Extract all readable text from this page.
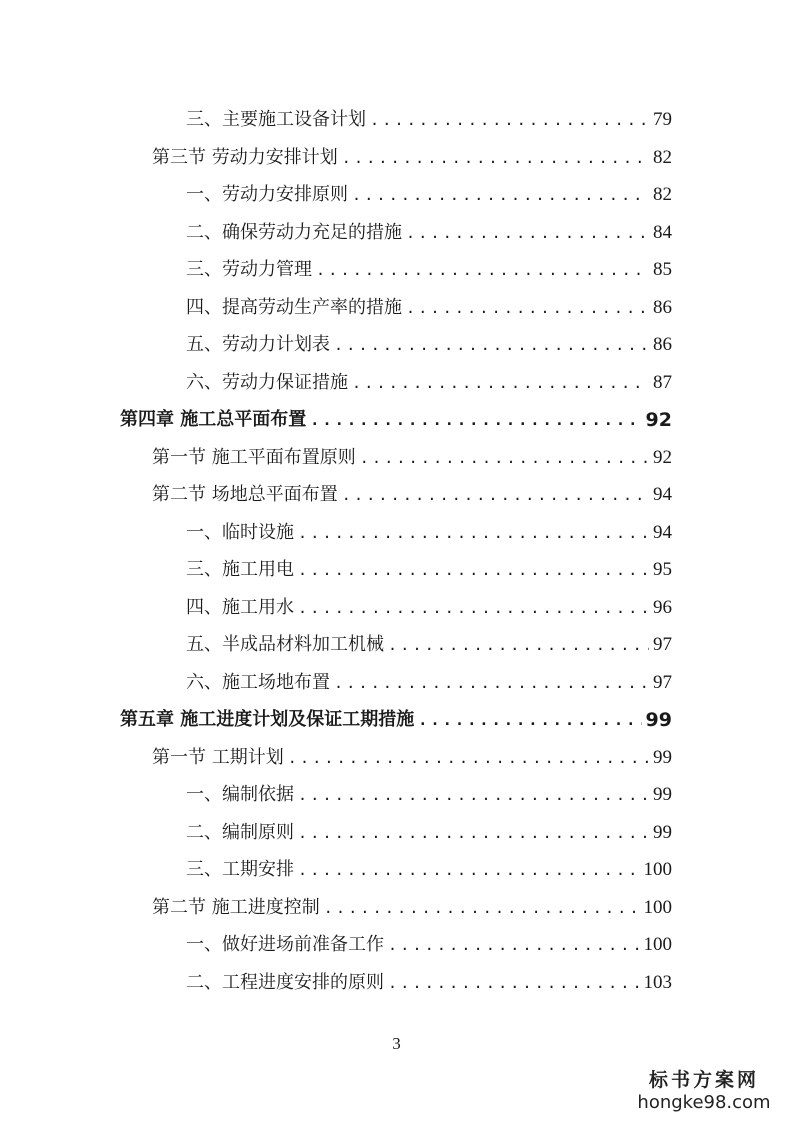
三、主要施工设备计划 .....	79
第三节 劳动力安排计划 .....	82
一、劳动力安排原则 .....	82
二、确保劳动力充足的措施 .....	84
三、劳动力管理 .....	85
四、提高劳动生产率的措施 .....	86
五、劳动力计划表 .....	86
六、劳动力保证措施 .....	87
第四章 施工总平面布置 .....	92
第一节 施工平面布置原则 .....	92
第二节 场地总平面布置 .....	94
一、临时设施 .....	94
三、施工用电 .....	95
四、施工用水 .....	96
五、半成品材料加工机械 .....	97
六、施工场地布置 .....	97
第五章 施工进度计划及保证工期措施 .....	99
第一节 工期计划 .....	99
一、编制依据 .....	99
二、编制原则 .....	99
三、工期安排 .....	100
第二节 施工进度控制 .....	100
一、做好进场前准备工作 .....	100
二、工程进度安排的原则 .....	103
3
标书方案网
hongke98.com
